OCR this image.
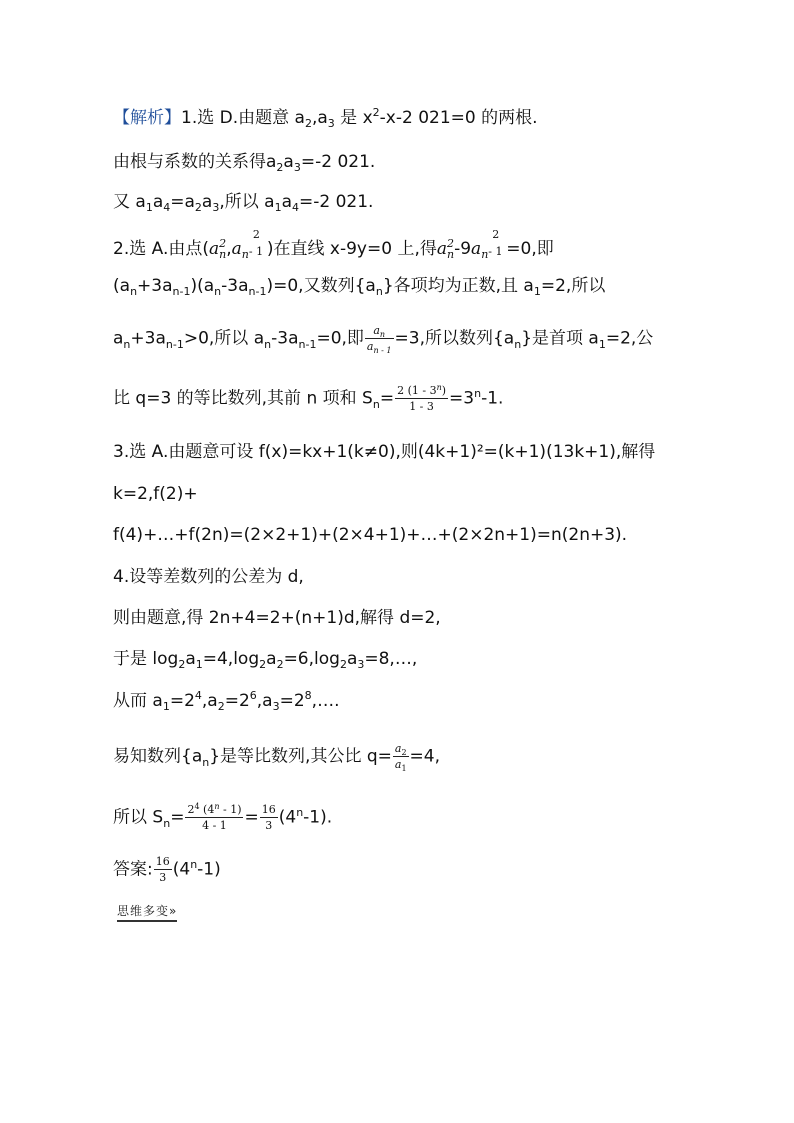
【解析】1.选 D.由题意 $a_2,a_3$ 是 $x^2-x-2$ 021=0 的两根.
由根与系数的关系得$a_2a_3=-2$ 021.
又 $a_1a_4=a_2a_3$,所以 $a_1a_4=-2$ 021.
2.选 A.由点($a^2_n,a_n$
2
- 1 )在直线 x-9y=0 上,得$a^2_n-9a_n$
2
- 1 =0,即
$(a_n+3a_{n-1})(a_n-3a_{n-1})=0$,又数列$\{a_n\}$各项均为正数,且 $a_1=2$,所以
$a_n+3a_{n-1}>0$,所以 $a_n-3a_{n-1}=0$,即 $\frac{a_n}{a_{n - 1}} =3$,所以数列$\{a_n\}$是首项 $a_1=2$,公
比 q=3 的等比数列,其前 n 项和 $S_n= \frac{2 (1 - 3^n)}{1 - 3} =3^n-1$.
3.选 A.由题意可设 f(x)=kx+1(k≠0),则(4k+1)²=(k+1)(13k+1),解得
k=2,f(2)+
f(4)+…+f(2n)=(2×2+1)+(2×4+1)+…+(2×2n+1)=n(2n+3).
4.设等差数列的公差为 d,
则由题意,得 2n+4=2+(n+1)d,解得 d=2,
于是 $\log_2a_1=4,\log_2a_2=6,\log_2a_3=8,\dots$,
从而 $a_1=2^4,a_2=2^6,a_3=2^8,\dots$.
易知数列$\{a_n\}$是等比数列,其公比 $q= \frac{a_2}{a_1} =4$,
所以 $S_n= \frac{2^4 (4^n - 1)}{4 - 1} = \frac{16}{3} (4^n-1)$.
答案: $\frac{16}{3} (4^n-1)$
思维多变»
